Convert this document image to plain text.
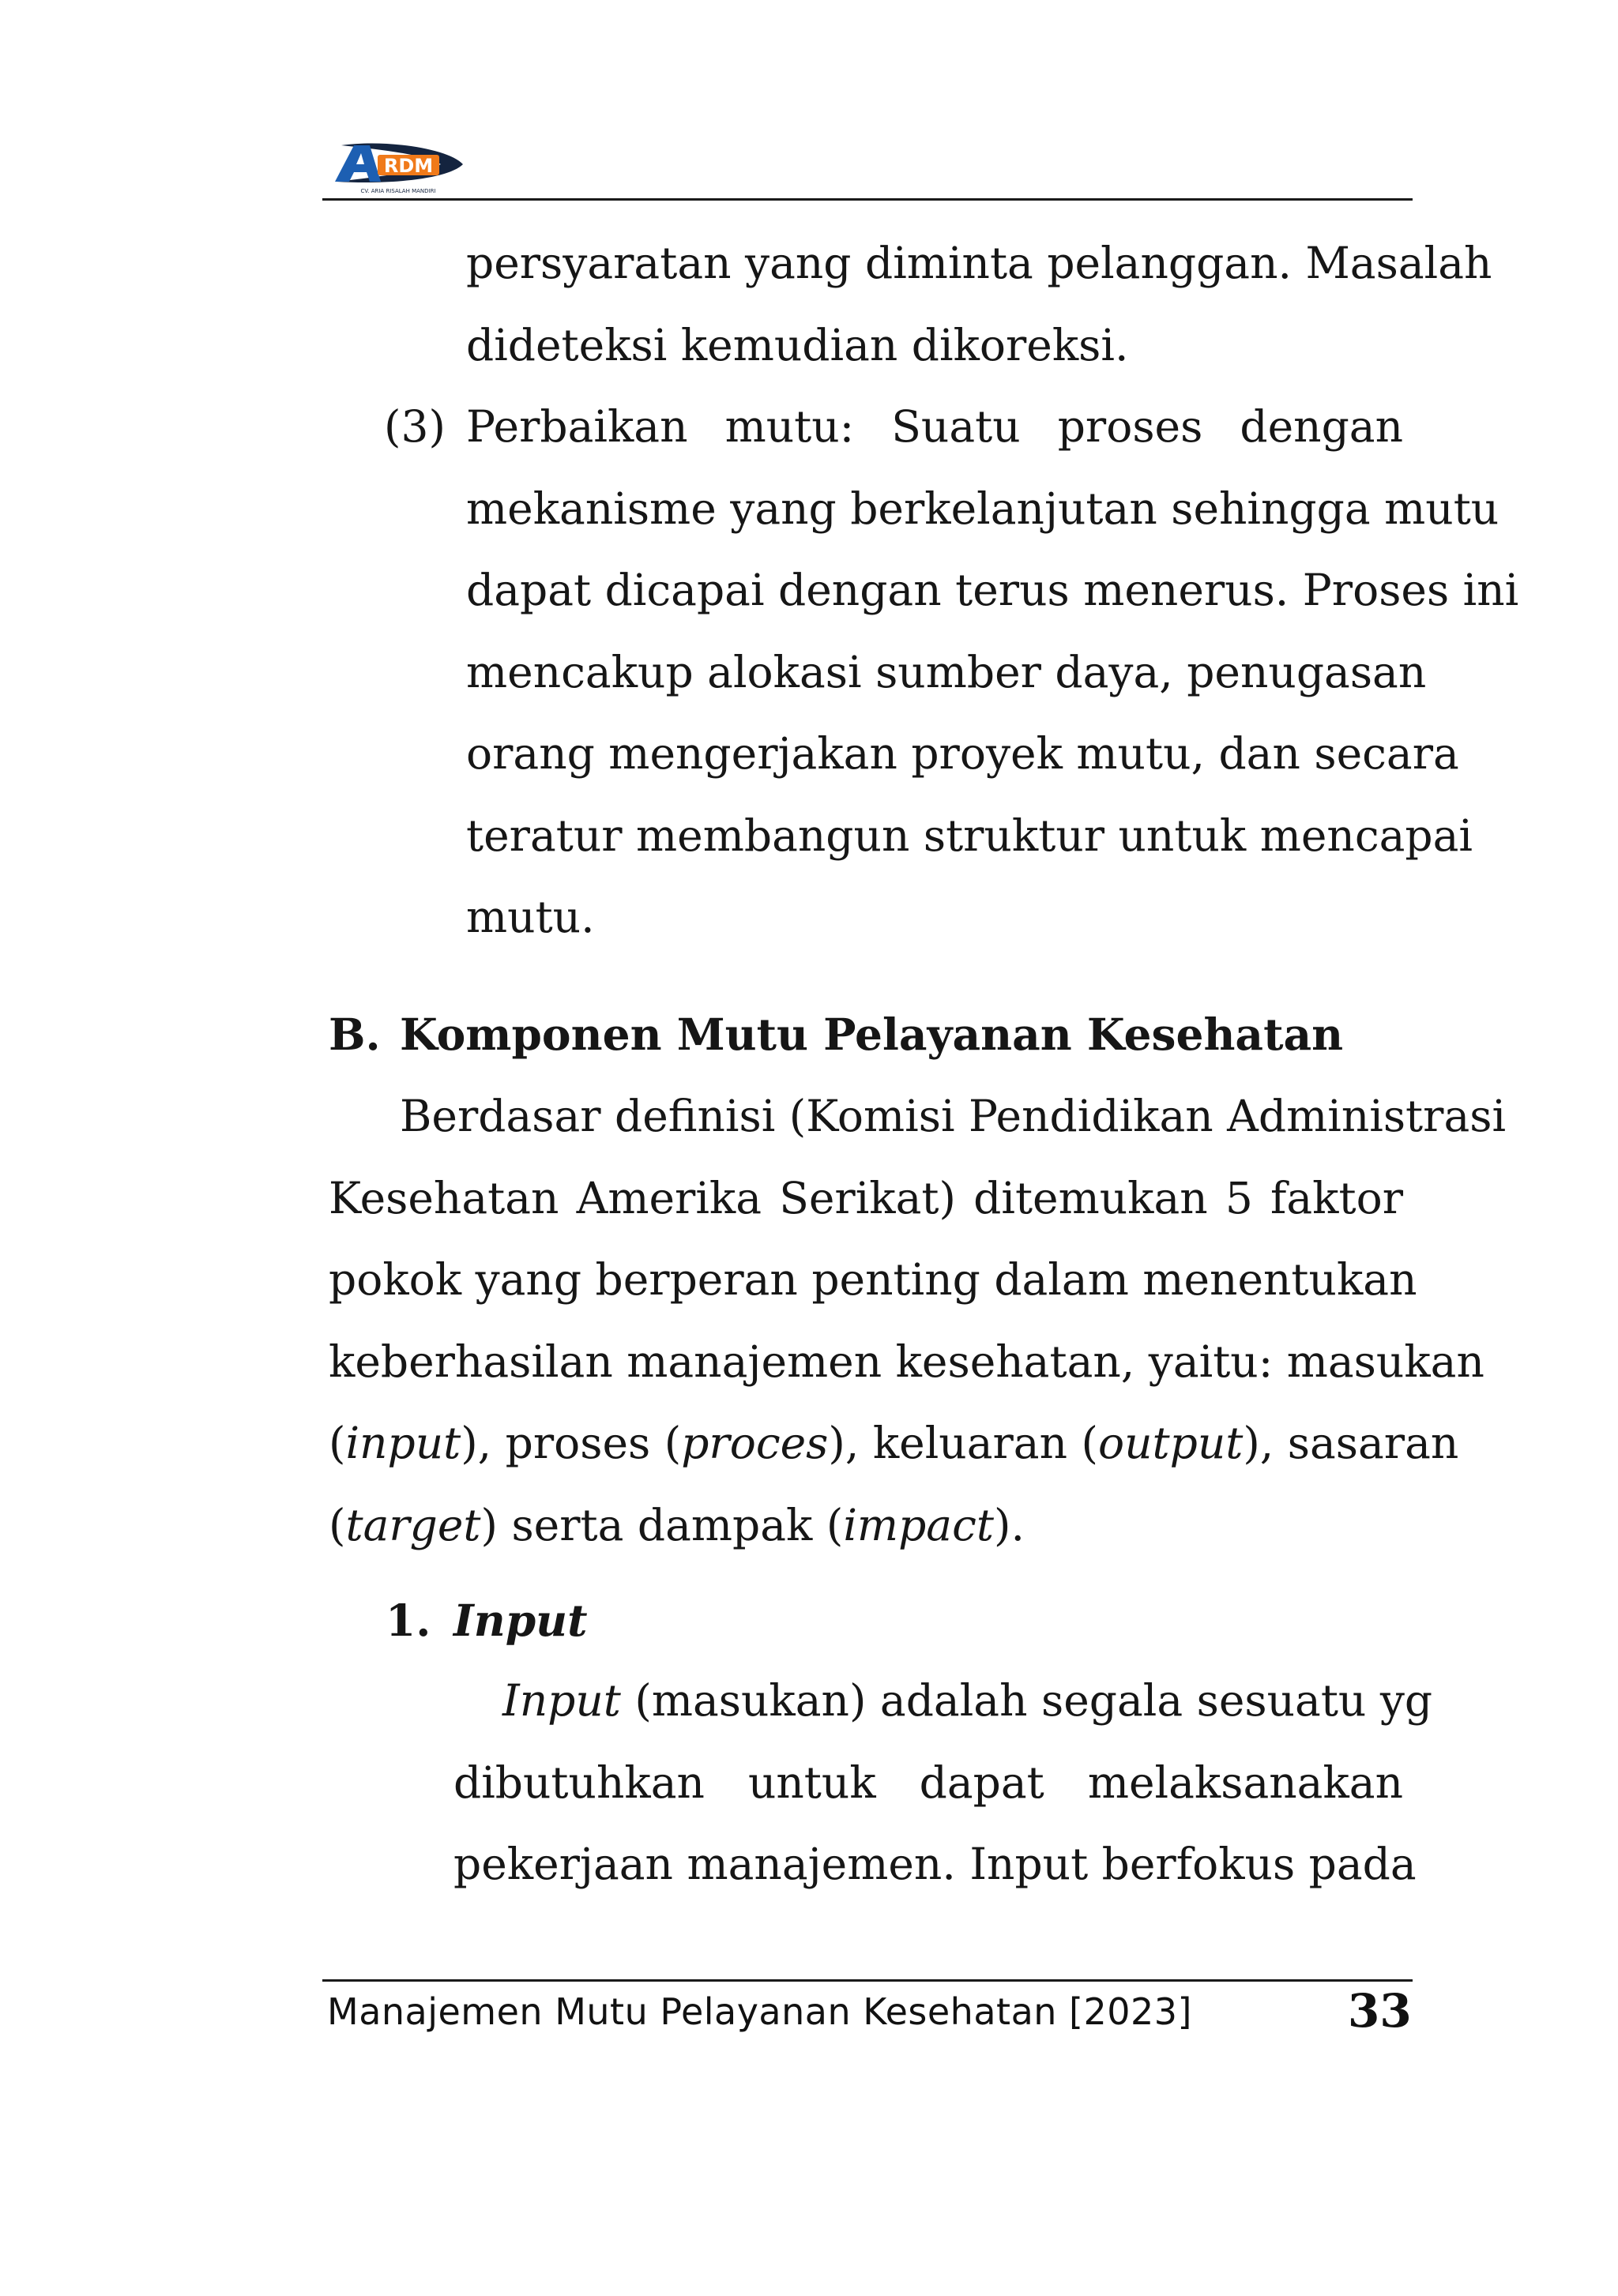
RDM
A
CV. ARIA RISALAH MANDIRI
persyaratan yang diminta pelanggan. Masalah
dideteksi kemudian dikoreksi.
(3) Perbaikan mutu: Suatu proses dengan
mekanisme yang berkelanjutan sehingga mutu
dapat dicapai dengan terus menerus. Proses ini
mencakup alokasi sumber daya, penugasan
orang mengerjakan proyek mutu, dan secara
teratur membangun struktur untuk mencapai
mutu.
B. Komponen Mutu Pelayanan Kesehatan
Berdasar definisi (Komisi Pendidikan Administrasi
Kesehatan Amerika Serikat) ditemukan 5 faktor
pokok yang berperan penting dalam menentukan
keberhasilan manajemen kesehatan, yaitu: masukan
(input), proses (proces), keluaran (output), sasaran
(target) serta dampak (impact).
1. Input
Input (masukan) adalah segala sesuatu yg
dibutuhkan untuk dapat melaksanakan
pekerjaan manajemen. Input berfokus pada
Manajemen Mutu Pelayanan Kesehatan [2023]	33
